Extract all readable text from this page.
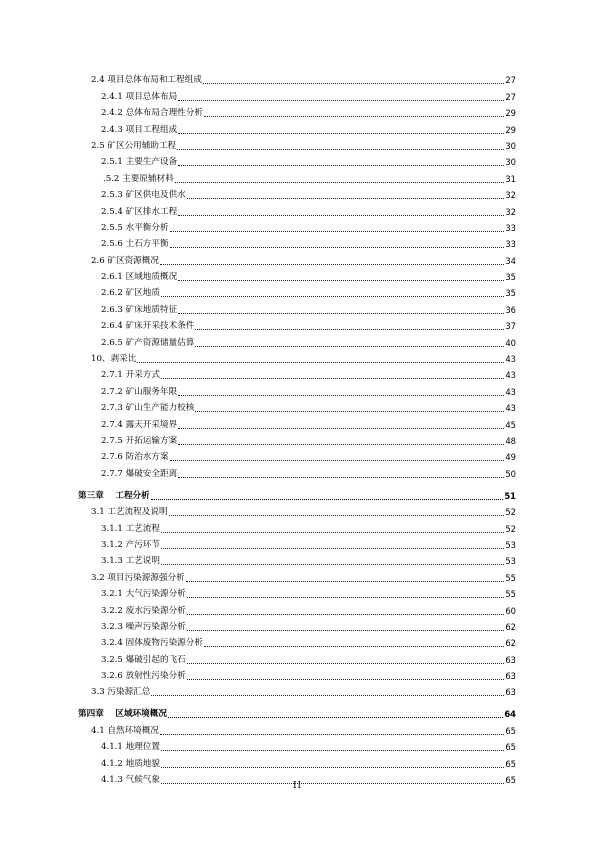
2.4 项目总体布局和工程组成	27
2.4.1 项目总体布局	27
2.4.2 总体布局合理性分析	29
2.4.3 项目工程组成	29
2.5 矿区公用辅助工程	30
2.5.1 主要生产设备	30
.5.2 主要原辅材料	31
2.5.3 矿区供电及供水	32
2.5.4 矿区排水工程	32
2.5.5 水平衡分析	33
2.5.6 土石方平衡	33
2.6 矿区资源概况	34
2.6.1 区域地质概况	35
2.6.2 矿区地质	35
2.6.3 矿床地质特征	36
2.6.4 矿床开采技术条件	37
2.6.5 矿产资源储量估算	40
10、剥采比	43
2.7.1 开采方式	43
2.7.2 矿山服务年限	43
2.7.3 矿山生产能力校核	43
2.7.4 露天开采境界	45
2.7.5 开拓运输方案	48
2.7.6 防治水方案	49
2.7.7 爆破安全距离	50
第三章　 工程分析	51
3.1 工艺流程及说明	52
3.1.1 工艺流程	52
3.1.2 产污环节	53
3.1.3 工艺说明	53
3.2 项目污染源源强分析	55
3.2.1 大气污染源分析	55
3.2.2 废水污染源分析	60
3.2.3 噪声污染源分析	62
3.2.4 固体废物污染源分析	62
3.2.5 爆破引起的飞石	63
3.2.6 放射性污染分析	63
3.3 污染源汇总	63
第四章　 区域环境概况	64
4.1 自然环境概况	65
4.1.1 地理位置	65
4.1.2 地质地貌	65
4.1.3 气候气象	65
II
